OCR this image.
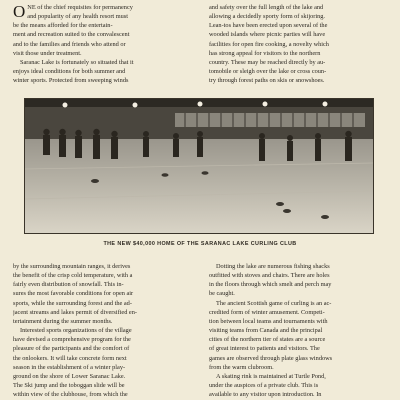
O NE of the chief requisites for permanency
and popularity of any health resort must
be the means afforded for the entertain-
ment and recreation suited to the convalescent
and to the families and friends who attend or
visit those under treatment.
Saranac Lake is fortunately so situated that it
enjoys ideal conditions for both summer and
winter sports. Protected from sweeping winds
and safety over the full length of the lake and
allowing a decidedly sporty form of skijoring.
Lean-tos have been erected upon several of the
wooded islands where picnic parties will have
facilities for open fire cooking, a novelty which
has strong appeal for visitors to the northern
country. These may be reached directly by au-
tomobile or sleigh over the lake or cross coun-
try through forest paths on skis or snowshoes.
THE NEW $40,000 HOME OF THE SARANAC LAKE CURLING CLUB
by the surrounding mountain ranges, it derives
the benefit of the crisp cold temperature, with a
fairly even distribution of snowfall. This in-
sures the most favorable conditions for open air
sports, while the surrounding forest and the ad-
jacent streams and lakes permit of diversified en-
tertainment during the summer months.
Interested sports organizations of the village
have devised a comprehensive program for the
pleasure of the participants and the comfort of
the onlookers. It will take concrete form next
season in the establishment of a winter play-
ground on the shore of Lower Saranac Lake.
The Ski jump and the toboggan slide will be
within view of the clubhouse, from which the
Dotting the lake are numerous fishing shacks
outfitted with stoves and chairs. There are holes
in the floors through which smelt and perch may
be caught.
The ancient Scottish game of curling is an ac-
credited form of winter amusement. Competi-
tion between local teams and tournaments with
visiting teams from Canada and the principal
cities of the northern tier of states are a source
of great interest to patients and visitors. The
games are observed through plate glass windows
from the warm clubroom.
A skating rink is maintained at Turtle Pond,
under the auspices of a private club. This is
available to any visitor upon introduction. In
